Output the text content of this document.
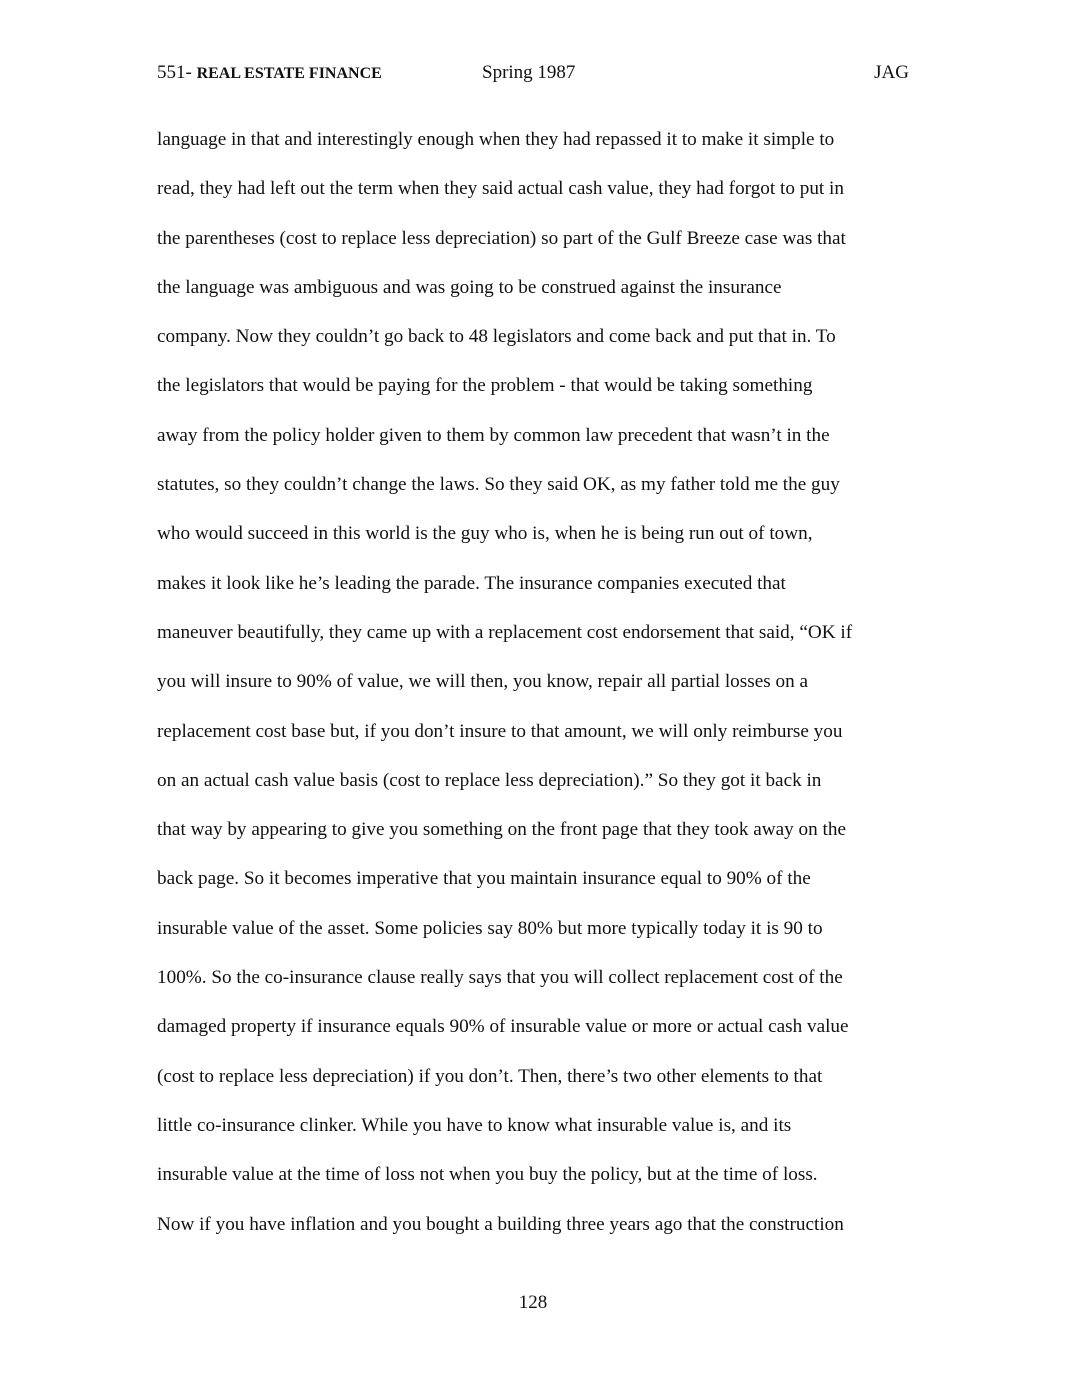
551- REAL ESTATE FINANCE	Spring 1987	JAG
language in that and interestingly enough when they had repassed it to make it simple to
read, they had left out the term when they said actual cash value, they had forgot to put in
the parentheses (cost to replace less depreciation) so part of the Gulf Breeze case was that
the language was ambiguous and was going to be construed against the insurance
company. Now they couldn’t go back to 48 legislators and come back and put that in. To
the legislators that would be paying for the problem - that would be taking something
away from the policy holder given to them by common law precedent that wasn’t in the
statutes, so they couldn’t change the laws. So they said OK, as my father told me the guy
who would succeed in this world is the guy who is, when he is being run out of town,
makes it look like he’s leading the parade. The insurance companies executed that
maneuver beautifully, they came up with a replacement cost endorsement that said, “OK if
you will insure to 90% of value, we will then, you know, repair all partial losses on a
replacement cost base but, if you don’t insure to that amount, we will only reimburse you
on an actual cash value basis (cost to replace less depreciation).” So they got it back in
that way by appearing to give you something on the front page that they took away on the
back page. So it becomes imperative that you maintain insurance equal to 90% of the
insurable value of the asset. Some policies say 80% but more typically today it is 90 to
100%. So the co-insurance clause really says that you will collect replacement cost of the
damaged property if insurance equals 90% of insurable value or more or actual cash value
(cost to replace less depreciation) if you don’t. Then, there’s two other elements to that
little co-insurance clinker. While you have to know what insurable value is, and its
insurable value at the time of loss not when you buy the policy, but at the time of loss.
Now if you have inflation and you bought a building three years ago that the construction
128
